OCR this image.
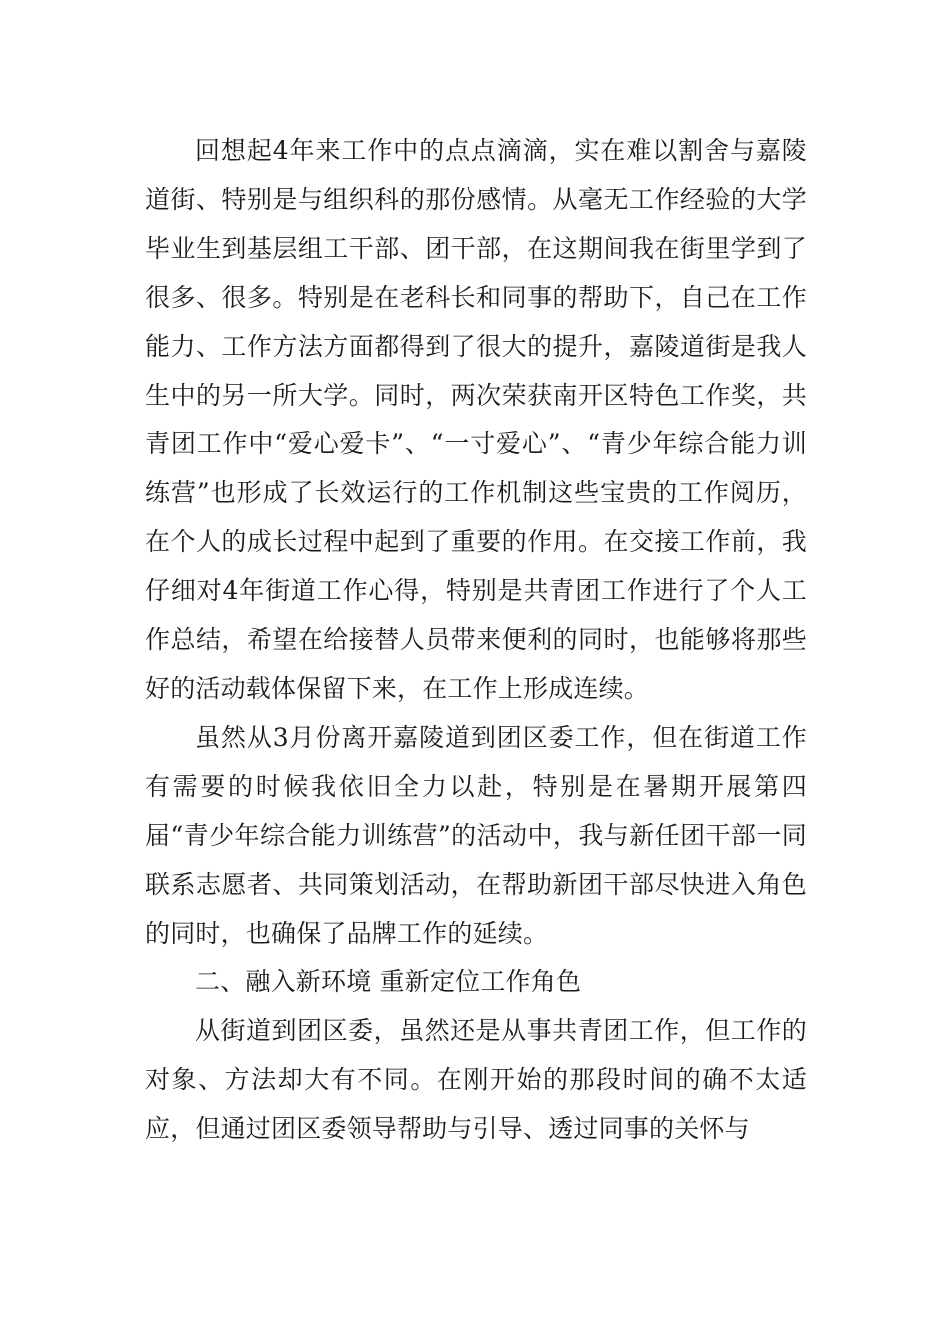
回想起4年来工作中的点点滴滴，实在难以割舍与嘉陵道街、特别是与组织科的那份感情。从毫无工作经验的大学毕业生到基层组工干部、团干部，在这期间我在街里学到了很多、很多。特别是在老科长和同事的帮助下，自己在工作能力、工作方法方面都得到了很大的提升，嘉陵道街是我人生中的另一所大学。同时，两次荣获南开区特色工作奖，共青团工作中“爱心爱卡”、“一寸爱心”、“青少年综合能力训练营”也形成了长效运行的工作机制这些宝贵的工作阅历，在个人的成长过程中起到了重要的作用。在交接工作前，我仔细对4年街道工作心得，特别是共青团工作进行了个人工作总结，希望在给接替人员带来便利的同时，也能够将那些好的活动载体保留下来，在工作上形成连续。

虽然从3月份离开嘉陵道到团区委工作，但在街道工作有需要的时候我依旧全力以赴，特别是在暑期开展第四届“青少年综合能力训练营”的活动中，我与新任团干部一同联系志愿者、共同策划活动，在帮助新团干部尽快进入角色的同时，也确保了品牌工作的延续。

二、融入新环境 重新定位工作角色

从街道到团区委，虽然还是从事共青团工作，但工作的对象、方法却大有不同。在刚开始的那段时间的确不太适应，但通过团区委领导帮助与引导、透过同事的关怀与
